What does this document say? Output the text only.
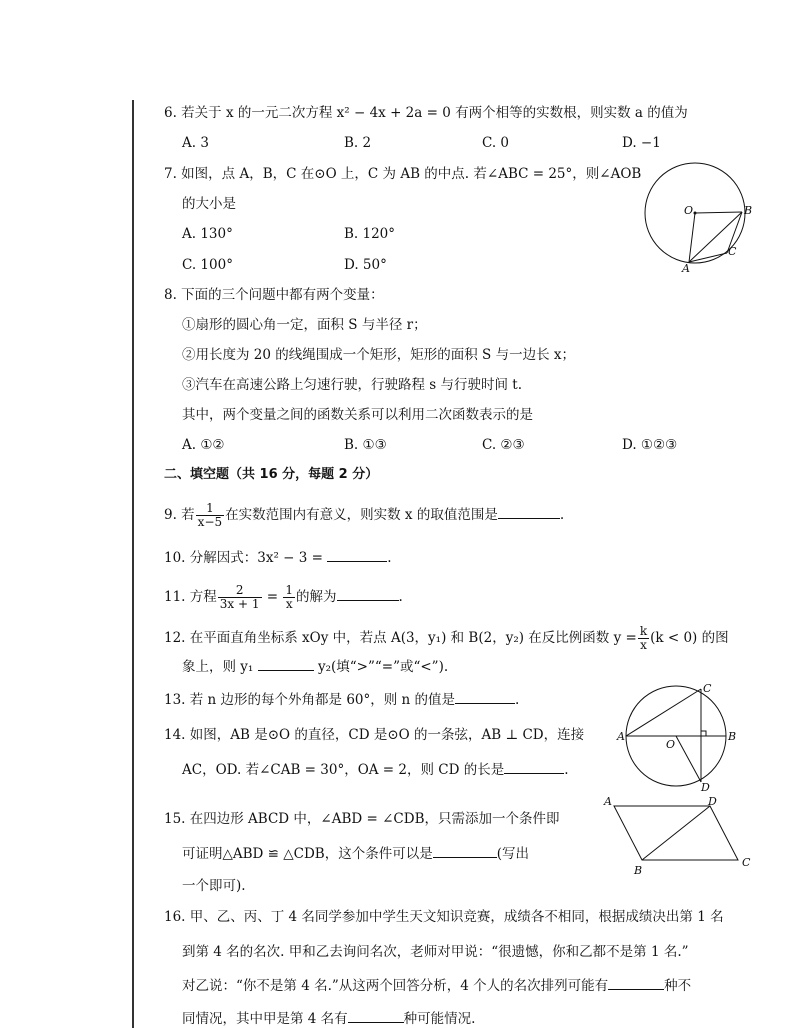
6. 若关于 x 的一元二次方程 x² − 4x + 2a = 0 有两个相等的实数根，则实数 a 的值为
A. 3	B. 2	C. 0	D. −1
7. 如图，点 A，B，C 在⊙O 上，C 为 AB 的中点. 若∠ABC = 25°，则∠AOB
的大小是
A. 130°	B. 120°
C. 100°	D. 50°
O	B
C
A
8. 下面的三个问题中都有两个变量：
①扇形的圆心角一定，面积 S 与半径 r；
②用长度为 20 的线绳围成一个矩形，矩形的面积 S 与一边长 x；
③汽车在高速公路上匀速行驶，行驶路程 s 与行驶时间 t.
其中，两个变量之间的函数关系可以利用二次函数表示的是
A. ①②	B. ①③	C. ②③	D. ①②③
二、填空题（共 16 分，每题 2 分）
9. 若 $\frac{1}{x-5}$ 在实数范围内有意义，则实数 x 的取值范围是	.
10. 分解因式：3x² − 3 =	.
11. 方程 $\frac{2}{3x + 1} = \frac{1}{x}$ 的解为	.
12. 在平面直角坐标系 xOy 中，若点 A(3，y₁) 和 B(2，y₂) 在反比例函数 $y = \frac{k}{x} (k < 0)$ 的图
象上，则 y₁	y₂(填“>”“=”或“<”).
13. 若 n 边形的每个外角都是 60°，则 n 的值是	.
14. 如图，AB 是⊙O 的直径，CD 是⊙O 的一条弦，AB ⊥ CD，连接
AC，OD. 若∠CAB = 30°，OA = 2，则 CD 的长是	.
A	B
C
D
O
15. 在四边形 ABCD 中，∠ABD = ∠CDB，只需添加一个条件即
可证明△ABD ≌ △CDB，这个条件可以是	(写出
一个即可).
A	D
C
B
16. 甲、乙、丙、丁 4 名同学参加中学生天文知识竞赛，成绩各不相同，根据成绩决出第 1 名
到第 4 名的名次. 甲和乙去询问名次，老师对甲说：“很遗憾，你和乙都不是第 1 名.”
对乙说：“你不是第 4 名.”从这两个回答分析，4 个人的名次排列可能有	种不
同情况，其中甲是第 4 名有	种可能情况.
